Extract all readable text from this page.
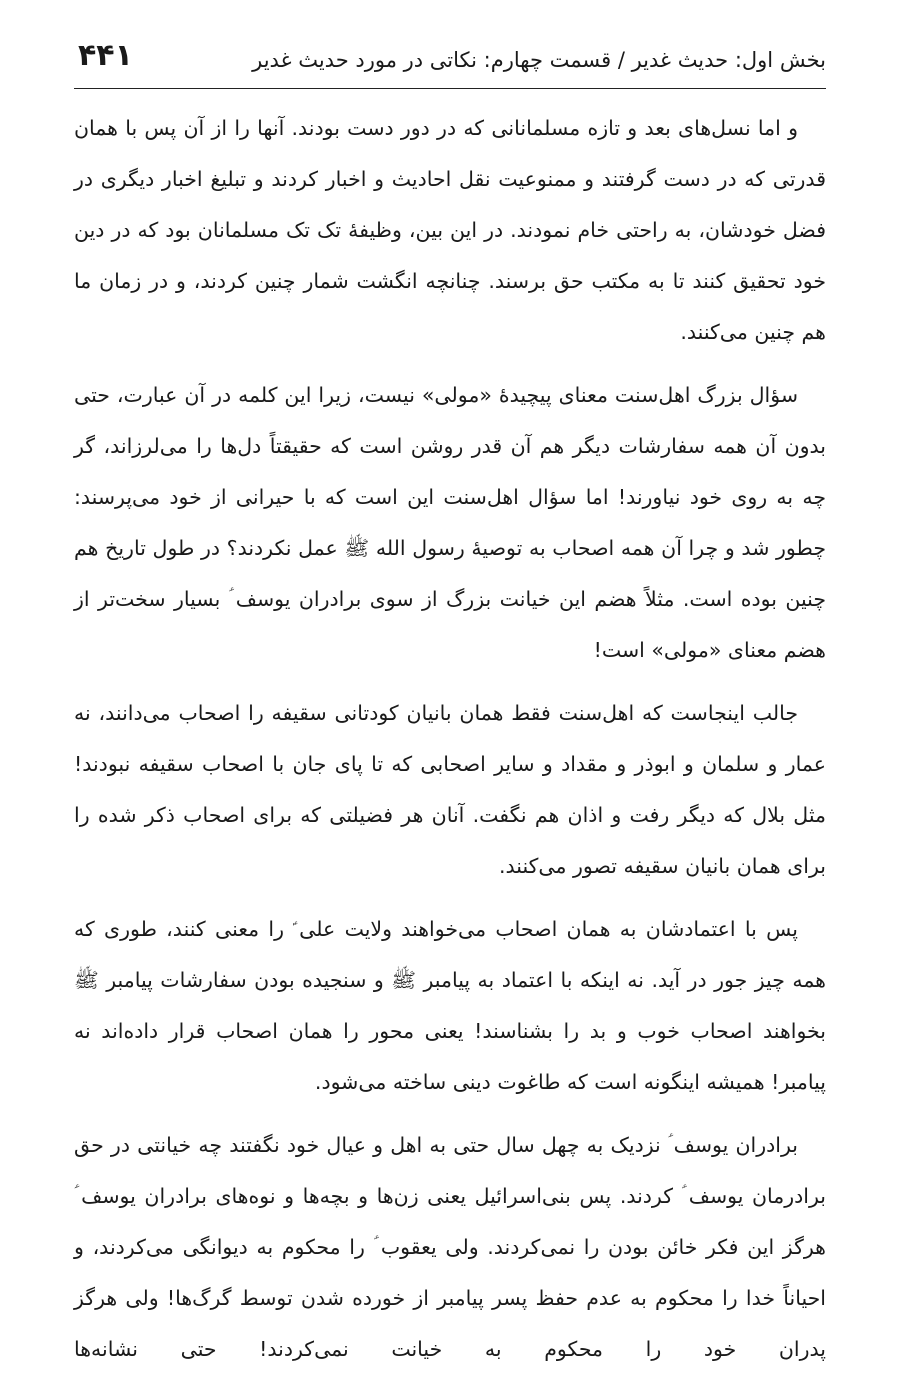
بخش اول: حدیث غدیر / قسمت چهارم: نکاتی در مورد حدیث غدیر
۴۴۱

و اما نسل‌های بعد و تازه مسلمانانی که در دور دست بودند. آنها را از آن پس با همان قدرتی که در دست گرفتند و ممنوعیت نقل احادیث و اخبار کردند و تبلیغ اخبار دیگری در فضل خودشان، به راحتی خام نمودند. در این بین، وظیفهٔ تک تک مسلمانان بود که در دین خود تحقیق کنند تا به مکتب حق برسند. چنانچه انگشت شمار چنین کردند، و در زمان ما هم چنین می‌کنند.

سؤال بزرگ اهل‌سنت معنای پیچیدهٔ «مولی» نیست، زیرا این کلمه در آن عبارت، حتی بدون آن همه سفارشات دیگر هم آن قدر روشن است که حقیقتاً دل‌ها را می‌لرزاند، گر چه به روی خود نیاورند! اما سؤال اهل‌سنت این است که با حیرانی از خود می‌پرسند: چطور شد و چرا آن همه اصحاب به توصیهٔ رسول الله ﷺ عمل نکردند؟ در طول تاریخ هم چنین بوده است. مثلاً هضم این خیانت بزرگ از سوی برادران یوسف ؑ بسیار سخت‌تر از هضم معنای «مولی» است!

جالب اینجاست که اهل‌سنت فقط همان بانیان کودتانی سقیفه را اصحاب می‌دانند، نه عمار و سلمان و ابوذر و مقداد و سایر اصحابی که تا پای جان با اصحاب سقیفه نبودند! مثل بلال که دیگر رفت و اذان هم نگفت. آنان هر فضیلتی که برای اصحاب ذکر شده را برای همان بانیان سقیفه تصور می‌کنند.

پس با اعتمادشان به همان اصحاب می‌خواهند ولایت علی ؑ را معنی کنند، طوری که همه چیز جور در آید. نه اینکه با اعتماد به پیامبر ﷺ و سنجیده بودن سفارشات پیامبر ﷺ بخواهند اصحاب خوب و بد را بشناسند! یعنی محور را همان اصحاب قرار داده‌اند نه پیامبر! همیشه اینگونه است که طاغوت دینی ساخته می‌شود.

برادران یوسف ؑ نزدیک به چهل سال حتی به اهل و عیال خود نگفتند چه خیانتی در حق برادرمان یوسف ؑ کردند. پس بنی‌اسرائیل یعنی زن‌ها و بچه‌ها و نوه‌های برادران یوسف ؑ هرگز این فکر خائن بودن را نمی‌کردند. ولی یعقوب ؑ را محکوم به دیوانگی می‌کردند، و احیاناً خدا را محکوم به عدم حفظ پسر پیامبر از خورده شدن توسط گرگ‌ها! ولی هرگز پدران خود را محکوم به خیانت نمی‌کردند! حتی نشانه‌ها
